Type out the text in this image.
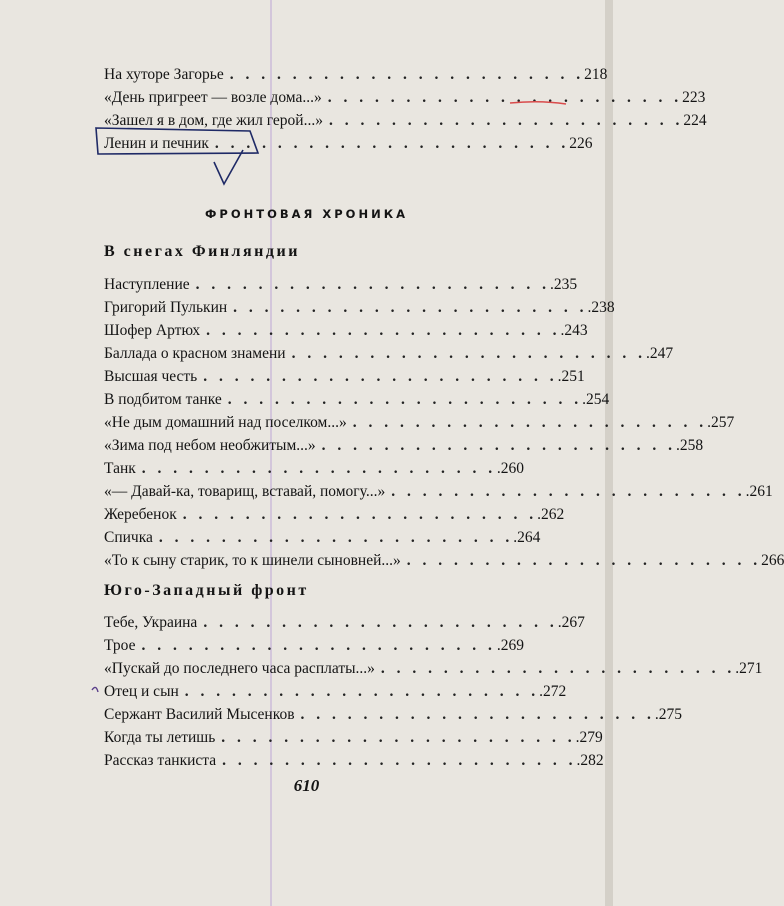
На хуторе Загорье . . . . . . . . . . . . . . . . . . . . . . . 218
«День пригреет — возле дома...» . . . . . . . . . . . . . . . . . . . . . . . 223
«Зашел я в дом, где жил герой...» . . . . . . . . . . . . . . . . . . . . . . . 224
Ленин и печник . . . . . . . . . . . . . . . . . . . . . . . 226
ФРОНТОВАЯ ХРОНИКА
В снегах Финляндии
Наступление . . . . . . . . . . . . . . . . . . . . . . . .235
Григорий Пулькин . . . . . . . . . . . . . . . . . . . . . . . .238
Шофер Артюх . . . . . . . . . . . . . . . . . . . . . . . .243
Баллада о красном знамени . . . . . . . . . . . . . . . . . . . . . . . .247
Высшая честь . . . . . . . . . . . . . . . . . . . . . . . .251
В подбитом танке . . . . . . . . . . . . . . . . . . . . . . . .254
«Не дым домашний над поселком...» . . . . . . . . . . . . . . . . . . . . . . . .257
«Зима под небом необжитым...» . . . . . . . . . . . . . . . . . . . . . . . .258
Танк . . . . . . . . . . . . . . . . . . . . . . . .260
«— Давай-ка, товарищ, вставай, помогу...» . . . . . . . . . . . . . . . . . . . . . . . .261
Жеребенок . . . . . . . . . . . . . . . . . . . . . . . .262
Спичка . . . . . . . . . . . . . . . . . . . . . . . .264
«То к сыну старик, то к шинели сыновней...» . . . . . . . . . . . . . . . . . . . . . . . 266
Юго-Западный фронт
Тебе, Украина . . . . . . . . . . . . . . . . . . . . . . . .267
Трое . . . . . . . . . . . . . . . . . . . . . . . .269
«Пускай до последнего часа расплаты...» . . . . . . . . . . . . . . . . . . . . . . . .271
Отец и сын . . . . . . . . . . . . . . . . . . . . . . . .272
Сержант Василий Мысенков . . . . . . . . . . . . . . . . . . . . . . . .275
Когда ты летишь . . . . . . . . . . . . . . . . . . . . . . . .279
Рассказ танкиста . . . . . . . . . . . . . . . . . . . . . . . .282
610
